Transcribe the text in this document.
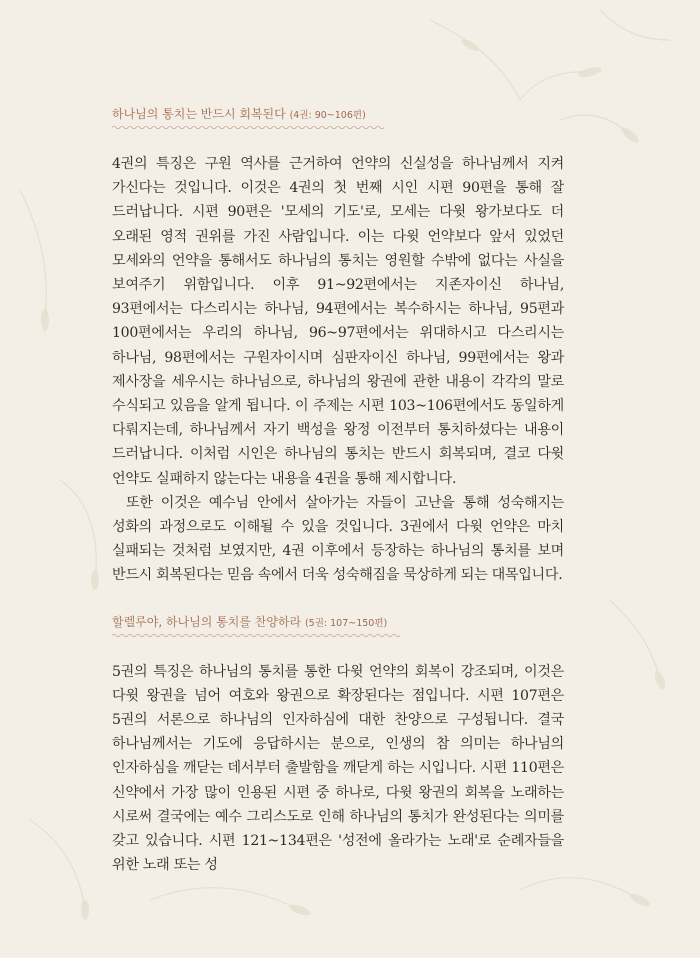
하나님의 통치는 반드시 회복된다 (4권: 90~106편)

4권의 특징은 구원 역사를 근거하여 언약의 신실성을 하나님께서 지켜 가신다는 것입니다. 이것은 4권의 첫 번째 시인 시편 90편을 통해 잘 드러납니다. 시편 90편은 '모세의 기도'로, 모세는 다윗 왕가보다도 더 오래된 영적 권위를 가진 사람입니다. 이는 다윗 언약보다 앞서 있었던 모세와의 언약을 통해서도 하나님의 통치는 영원할 수밖에 없다는 사실을 보여주기 위함입니다. 이후 91~92편에서는 지존자이신 하나님, 93편에서는 다스리시는 하나님, 94편에서는 복수하시는 하나님, 95편과 100편에서는 우리의 하나님, 96~97편에서는 위대하시고 다스리시는 하나님, 98편에서는 구원자이시며 심판자이신 하나님, 99편에서는 왕과 제사장을 세우시는 하나님으로, 하나님의 왕권에 관한 내용이 각각의 말로 수식되고 있음을 알게 됩니다. 이 주제는 시편 103~106편에서도 동일하게 다뤄지는데, 하나님께서 자기 백성을 왕정 이전부터 통치하셨다는 내용이 드러납니다. 이처럼 시인은 하나님의 통치는 반드시 회복되며, 결코 다윗 언약도 실패하지 않는다는 내용을 4권을 통해 제시합니다.

또한 이것은 예수님 안에서 살아가는 자들이 고난을 통해 성숙해지는 성화의 과정으로도 이해될 수 있을 것입니다. 3권에서 다윗 언약은 마치 실패되는 것처럼 보였지만, 4권 이후에서 등장하는 하나님의 통치를 보며 반드시 회복된다는 믿음 속에서 더욱 성숙해짐을 묵상하게 되는 대목입니다.

할렐루야, 하나님의 통치를 찬양하라 (5권: 107~150편)

5권의 특징은 하나님의 통치를 통한 다윗 언약의 회복이 강조되며, 이것은 다윗 왕권을 넘어 여호와 왕권으로 확장된다는 점입니다. 시편 107편은 5권의 서론으로 하나님의 인자하심에 대한 찬양으로 구성됩니다. 결국 하나님께서는 기도에 응답하시는 분으로, 인생의 참 의미는 하나님의 인자하심을 깨닫는 데서부터 출발함을 깨닫게 하는 시입니다. 시편 110편은 신약에서 가장 많이 인용된 시편 중 하나로, 다윗 왕권의 회복을 노래하는 시로써 결국에는 예수 그리스도로 인해 하나님의 통치가 완성된다는 의미를 갖고 있습니다. 시편 121~134편은 '성전에 올라가는 노래'로 순례자들을 위한 노래 또는 성
